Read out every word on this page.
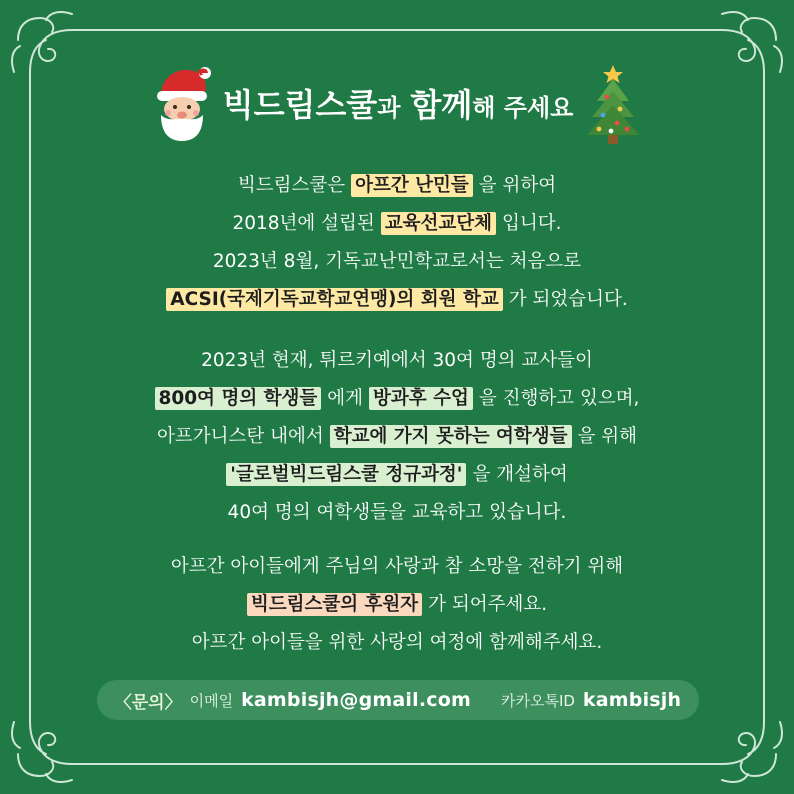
빅드림스쿨 과 함께 해 주세요
빅드림스쿨은 아프간 난민들 을 위하여
2018년에 설립된 교육선교단체 입니다.
2023년 8월, 기독교난민학교로서는 처음으로
ACSI(국제기독교학교연맹)의 회원 학교 가 되었습니다.
2023년 현재, 튀르키예에서 30여 명의 교사들이
800여 명의 학생들 에게 방과후 수업 을 진행하고 있으며,
아프가니스탄 내에서 학교에 가지 못하는 여학생들 을 위해
'글로벌빅드림스쿨 정규과정' 을 개설하여
40여 명의 여학생들을 교육하고 있습니다.
아프간 아이들에게 주님의 사랑과 참 소망을 전하기 위해
빅드림스쿨의 후원자 가 되어주세요.
아프간 아이들을 위한 사랑의 여정에 함께해주세요.
〈문의〉 이메일 kambisjh@gmail.com 카카오톡ID kambisjh
